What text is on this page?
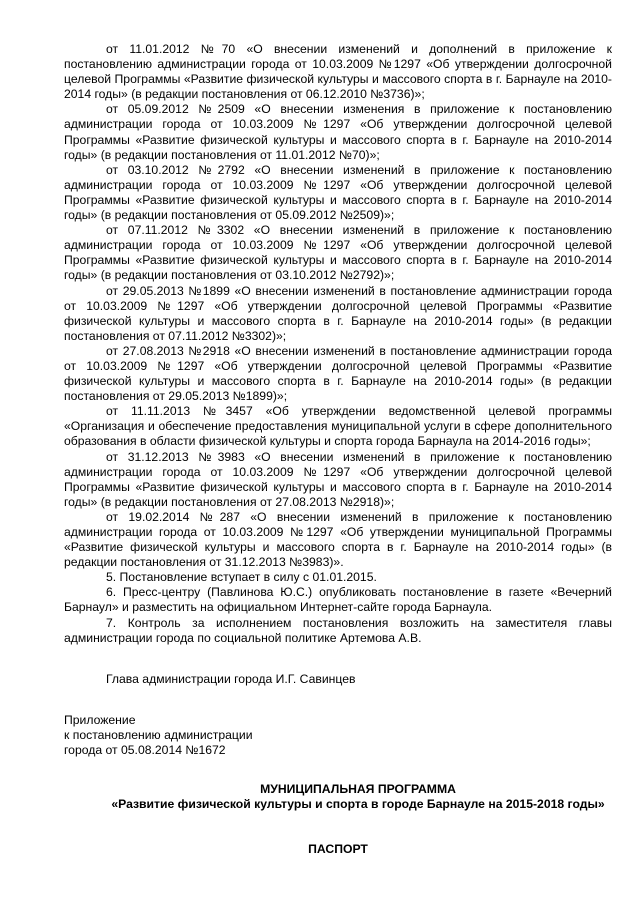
от 11.01.2012 №70 «О внесении изменений и дополнений в приложение к постановлению администрации города от 10.03.2009 №1297 «Об утверждении долгосрочной целевой Программы «Развитие физической культуры и массового спорта в г. Барнауле на 2010-2014 годы» (в редакции постановления от 06.12.2010 №3736)»;

от 05.09.2012 №2509 «О внесении изменения в приложение к постановлению администрации города от 10.03.2009 №1297 «Об утверждении долгосрочной целевой Программы «Развитие физической культуры и массового спорта в г. Барнауле на 2010-2014 годы» (в редакции постановления от 11.01.2012 №70)»;

от 03.10.2012 №2792 «О внесении изменений в приложение к постановлению администрации города от 10.03.2009 №1297 «Об утверждении долгосрочной целевой Программы «Развитие физической культуры и массового спорта в г. Барнауле на 2010-2014 годы» (в редакции постановления от 05.09.2012 №2509)»;

от 07.11.2012 №3302 «О внесении изменений в приложение к постановлению администрации города от 10.03.2009 №1297 «Об утверждении долгосрочной целевой Программы «Развитие физической культуры и массового спорта в г. Барнауле на 2010-2014 годы» (в редакции постановления от 03.10.2012 №2792)»;

от 29.05.2013 №1899 «О внесении изменений в постановление администрации города от 10.03.2009 №1297 «Об утверждении долгосрочной целевой Программы «Развитие физической культуры и массового спорта в г. Барнауле на 2010-2014 годы» (в редакции постановления от 07.11.2012 №3302)»;

от 27.08.2013 №2918 «О внесении изменений в постановление администрации города от 10.03.2009 №1297 «Об утверждении долгосрочной целевой Программы «Развитие физической культуры и массового спорта в г. Барнауле на 2010-2014 годы» (в редакции постановления от 29.05.2013 №1899)»;

от 11.11.2013 №3457 «Об утверждении ведомственной целевой программы «Организация и обеспечение предоставления муниципальной услуги в сфере дополнительного образования в области физической культуры и спорта города Барнаула на 2014-2016 годы»;

от 31.12.2013 №3983 «О внесении изменений в приложение к постановлению администрации города от 10.03.2009 №1297 «Об утверждении долгосрочной целевой Программы «Развитие физической культуры и массового спорта в г. Барнауле на 2010-2014 годы» (в редакции постановления от 27.08.2013 №2918)»;

от 19.02.2014 №287 «О внесении изменений в приложение к постановлению администрации города от 10.03.2009 №1297 «Об утверждении муниципальной Программы «Развитие физической культуры и массового спорта в г. Барнауле на 2010-2014 годы» (в редакции постановления от 31.12.2013 №3983)».

5. Постановление вступает в силу с 01.01.2015.

6. Пресс-центру (Павлинова Ю.С.) опубликовать постановление в газете «Вечерний Барнаул» и разместить на официальном Интернет-сайте города Барнаула.

7. Контроль за исполнением постановления возложить на заместителя главы администрации города по социальной политике Артемова А.В.

Глава администрации города И.Г. Савинцев

Приложение
к постановлению администрации
города от 05.08.2014 №1672
МУНИЦИПАЛЬНАЯ ПРОГРАММА
«Развитие физической культуры и спорта в городе Барнауле на 2015-2018 годы»
ПАСПОРТ
